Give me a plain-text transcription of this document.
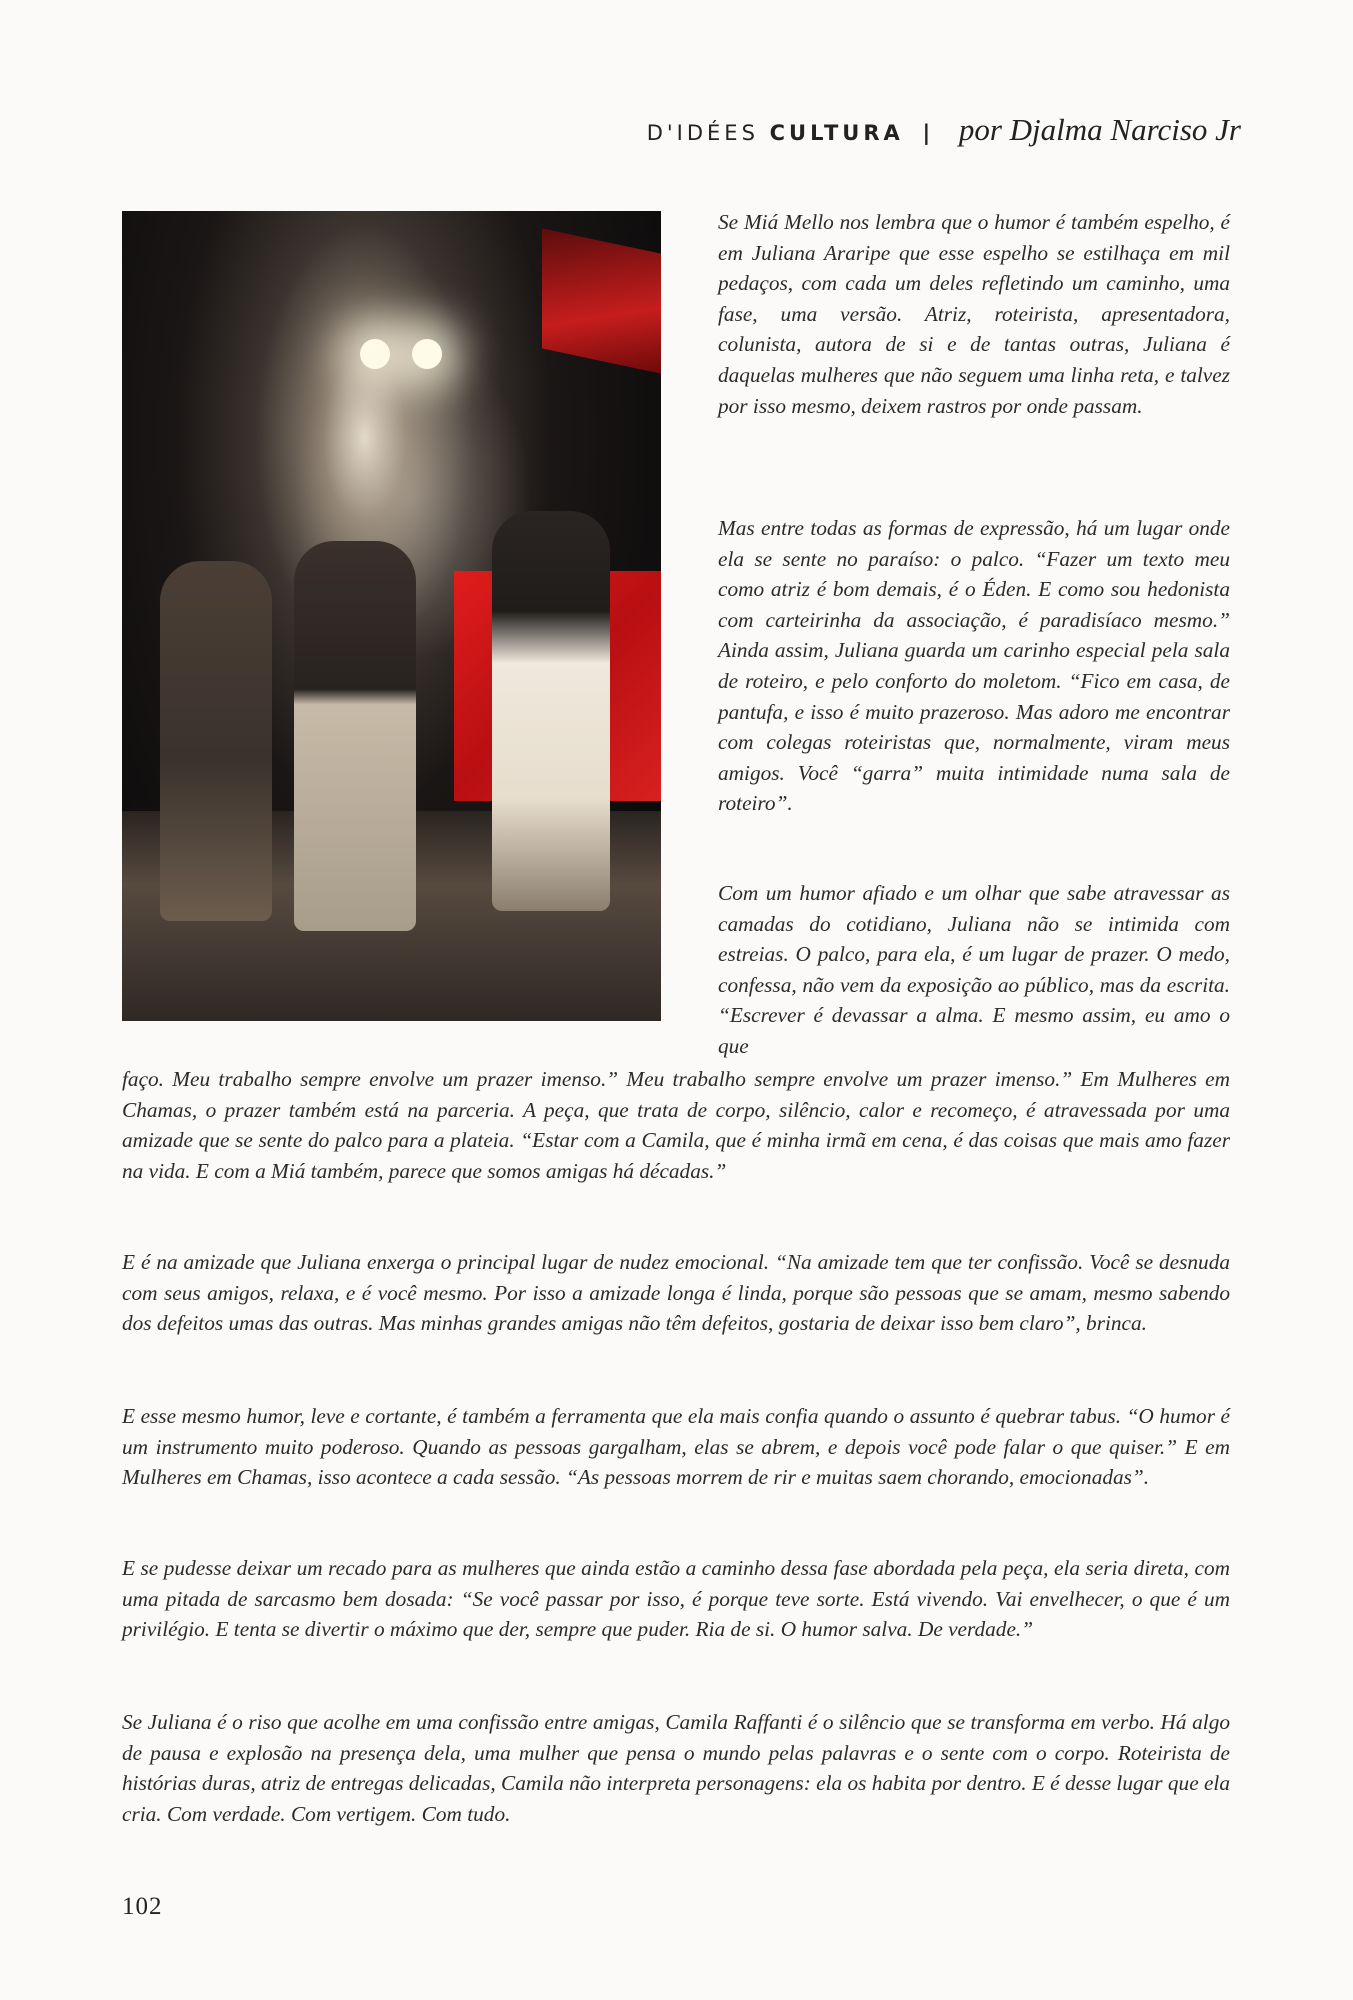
D'IDÉES CULTURA | por Djalma Narciso Jr

Se Miá Mello nos lembra que o humor é também espelho, é em Juliana Araripe que esse espelho se estilhaça em mil pedaços, com cada um deles refletindo um caminho, uma fase, uma versão. Atriz, roteirista, apresentadora, colunista, autora de si e de tantas outras, Juliana é daquelas mulheres que não seguem uma linha reta, e talvez por isso mesmo, deixem rastros por onde passam.

Mas entre todas as formas de expressão, há um lugar onde ela se sente no paraíso: o palco. “Fazer um texto meu como atriz é bom demais, é o Éden. E como sou hedonista com carteirinha da associação, é paradisíaco mesmo.” Ainda assim, Juliana guarda um carinho especial pela sala de roteiro, e pelo conforto do moletom. “Fico em casa, de pantufa, e isso é muito prazeroso. Mas adoro me encontrar com colegas roteiristas que, normalmente, viram meus amigos. Você “garra” muita intimidade numa sala de roteiro”.

Com um humor afiado e um olhar que sabe atravessar as camadas do cotidiano, Juliana não se intimida com estreias. O palco, para ela, é um lugar de prazer. O medo, confessa, não vem da exposição ao público, mas da escrita. “Escrever é devassar a alma. E mesmo assim, eu amo o que

faço. Meu trabalho sempre envolve um prazer imenso.” Meu trabalho sempre envolve um prazer imenso.” Em Mulheres em Chamas, o prazer também está na parceria. A peça, que trata de corpo, silêncio, calor e recomeço, é atravessada por uma amizade que se sente do palco para a plateia. “Estar com a Camila, que é minha irmã em cena, é das coisas que mais amo fazer na vida. E com a Miá também, parece que somos amigas há décadas.”

E é na amizade que Juliana enxerga o principal lugar de nudez emocional. “Na amizade tem que ter confissão. Você se desnuda com seus amigos, relaxa, e é você mesmo. Por isso a amizade longa é linda, porque são pessoas que se amam, mesmo sabendo dos defeitos umas das outras. Mas minhas grandes amigas não têm defeitos, gostaria de deixar isso bem claro”, brinca.

E esse mesmo humor, leve e cortante, é também a ferramenta que ela mais confia quando o assunto é quebrar tabus. “O humor é um instrumento muito poderoso. Quando as pessoas gargalham, elas se abrem, e depois você pode falar o que quiser.” E em Mulheres em Chamas, isso acontece a cada sessão. “As pessoas morrem de rir e muitas saem chorando, emocionadas”.

E se pudesse deixar um recado para as mulheres que ainda estão a caminho dessa fase abordada pela peça, ela seria direta, com uma pitada de sarcasmo bem dosada: “Se você passar por isso, é porque teve sorte. Está vivendo. Vai envelhecer, o que é um privilégio. E tenta se divertir o máximo que der, sempre que puder. Ria de si. O humor salva. De verdade.”

Se Juliana é o riso que acolhe em uma confissão entre amigas, Camila Raffanti é o silêncio que se transforma em verbo. Há algo de pausa e explosão na presença dela, uma mulher que pensa o mundo pelas palavras e o sente com o corpo. Roteirista de histórias duras, atriz de entregas delicadas, Camila não interpreta personagens: ela os habita por dentro. E é desse lugar que ela cria. Com verdade. Com vertigem. Com tudo.

102
